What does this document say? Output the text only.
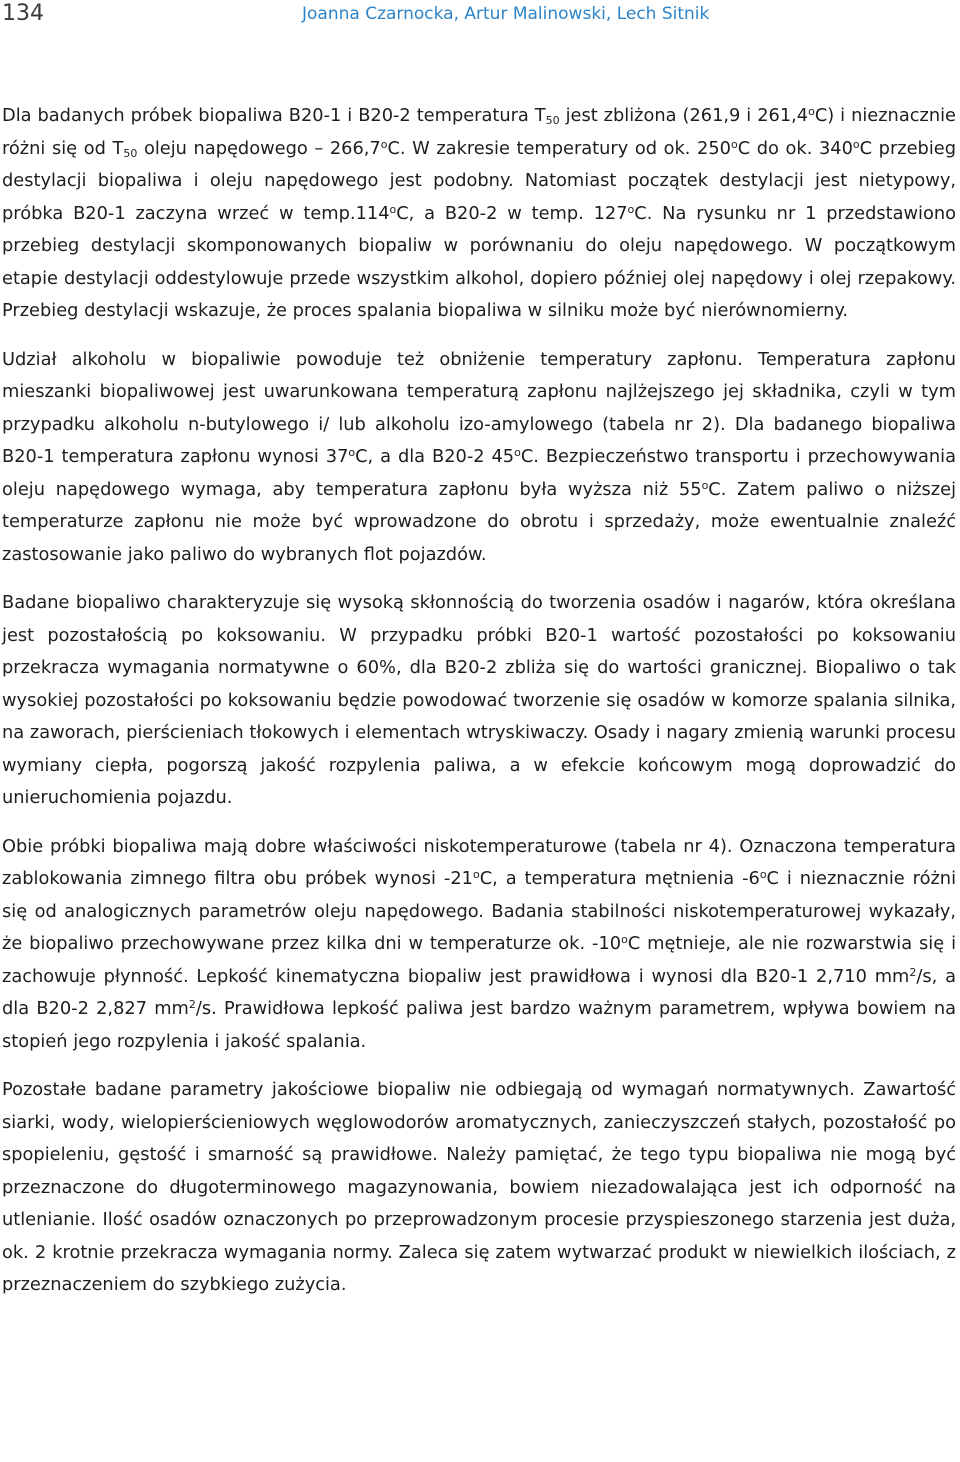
134	Joanna Czarnocka, Artur Malinowski, Lech Sitnik

Dla badanych próbek biopaliwa B20-1 i B20-2 temperatura $T_{50}$ jest zbliżona (261,9 i 261,4$^o$C) i nieznacznie różni się od $T_{50}$ oleju napędowego – 266,7$^o$C. W zakresie temperatury od ok. 250$^o$C do ok. 340$^o$C przebieg destylacji biopaliwa i oleju napędowego jest podobny. Natomiast początek destylacji jest nietypowy, próbka B20-1 zaczyna wrzeć w temp.114$^o$C, a B20-2 w temp. 127$^o$C. Na rysunku nr 1 przedstawiono przebieg destylacji skomponowanych biopaliw w porównaniu do oleju napędowego. W początkowym etapie destylacji oddestylowuje przede wszystkim alkohol, dopiero później olej napędowy i olej rzepakowy. Przebieg destylacji wskazuje, że proces spalania biopaliwa w silniku może być nierównomierny.

Udział alkoholu w biopaliwie powoduje też obniżenie temperatury zapłonu. Temperatura zapłonu mieszanki biopaliwowej jest uwarunkowana temperaturą zapłonu najlżejszego jej składnika, czyli w tym przypadku alkoholu n-butylowego i/ lub alkoholu izo-amylowego (tabela nr 2). Dla badanego biopaliwa B20-1 temperatura zapłonu wynosi 37$^o$C, a dla B20-2 45$^o$C. Bezpieczeństwo transportu i przechowywania oleju napędowego wymaga, aby temperatura zapłonu była wyższa niż 55$^o$C. Zatem paliwo o niższej temperaturze zapłonu nie może być wprowadzone do obrotu i sprzedaży, może ewentualnie znaleźć zastosowanie jako paliwo do wybranych flot pojazdów.

Badane biopaliwo charakteryzuje się wysoką skłonnością do tworzenia osadów i nagarów, która określana jest pozostałością po koksowaniu. W przypadku próbki B20-1 wartość pozostałości po koksowaniu przekracza wymagania normatywne o 60%, dla B20-2 zbliża się do wartości granicznej. Biopaliwo o tak wysokiej pozostałości po koksowaniu będzie powodować tworzenie się osadów w komorze spalania silnika, na zaworach, pierścieniach tłokowych i elementach wtryskiwaczy. Osady i nagary zmienią warunki procesu wymiany ciepła, pogorszą jakość rozpylenia paliwa, a w efekcie końcowym mogą doprowadzić do unieruchomienia pojazdu.

Obie próbki biopaliwa mają dobre właściwości niskotemperaturowe (tabela nr 4). Oznaczona temperatura zablokowania zimnego filtra obu próbek wynosi -21$^o$C, a temperatura mętnienia -6$^o$C i nieznacznie różni się od analogicznych parametrów oleju napędowego. Badania stabilności niskotemperaturowej wykazały, że biopaliwo przechowywane przez kilka dni w temperaturze ok. -10$^o$C mętnieje, ale nie rozwarstwia się i zachowuje płynność. Lepkość kinematyczna biopaliw jest prawidłowa i wynosi dla B20-1 2,710 $mm^2/s$, a dla B20-2 2,827 $mm^2/s$. Prawidłowa lepkość paliwa jest bardzo ważnym parametrem, wpływa bowiem na stopień jego rozpylenia i jakość spalania.

Pozostałe badane parametry jakościowe biopaliw nie odbiegają od wymagań normatywnych. Zawartość siarki, wody, wielopierścieniowych węglowodorów aromatycznych, zanieczyszczeń stałych, pozostałość po spopieleniu, gęstość i smarność są prawidłowe. Należy pamiętać, że tego typu biopaliwa nie mogą być przeznaczone do długoterminowego magazynowania, bowiem niezadowalająca jest ich odporność na utlenianie. Ilość osadów oznaczonych po przeprowadzonym procesie przyspieszonego starzenia jest duża, ok. 2 krotnie przekracza wymagania normy. Zaleca się zatem wytwarzać produkt w niewielkich ilościach, z przeznaczeniem do szybkiego zużycia.
